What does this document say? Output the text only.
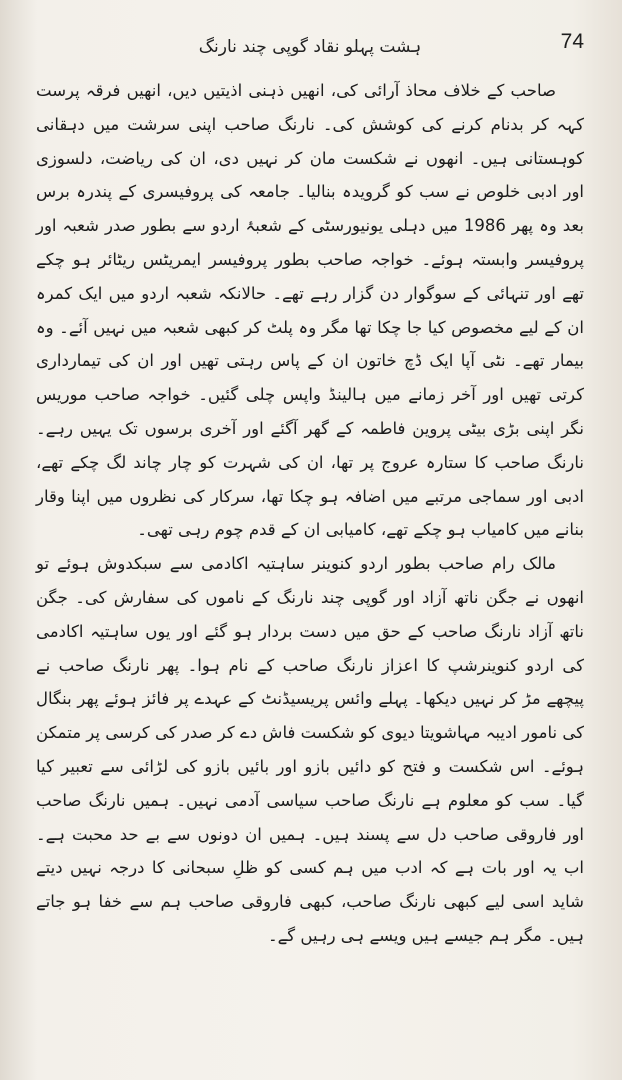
ہشت پہلو نقاد گوپی چند نارنگ	74

صاحب کے خلاف محاذ آرائی کی، انھیں ذہنی اذیتیں دیں، انھیں فرقہ پرست کہہ کر بدنام کرنے کی کوشش کی۔ نارنگ صاحب اپنی سرشت میں دہقانی کوہستانی ہیں۔ انھوں نے شکست مان کر نہیں دی، ان کی ریاضت، دلسوزی اور ادبی خلوص نے سب کو گرویدہ بنالیا۔ جامعہ کی پروفیسری کے پندرہ برس بعد وہ پھر 1986 میں دہلی یونیورسٹی کے شعبۂ اردو سے بطور صدر شعبہ اور پروفیسر وابستہ ہوئے۔ خواجہ صاحب بطور پروفیسر ایمریٹس ریٹائر ہو چکے تھے اور تنہائی کے سوگوار دن گزار رہے تھے۔ حالانکہ شعبہ اردو میں ایک کمرہ ان کے لیے مخصوص کیا جا چکا تھا مگر وہ پلٹ کر کبھی شعبہ میں نہیں آئے۔ وہ بیمار تھے۔ نٹی آپا ایک ڈچ خاتون ان کے پاس رہتی تھیں اور ان کی تیمارداری کرتی تھیں اور آخر زمانے میں ہالینڈ واپس چلی گئیں۔ خواجہ صاحب موریس نگر اپنی بڑی بیٹی پروین فاطمہ کے گھر آگئے اور آخری برسوں تک یہیں رہے۔ نارنگ صاحب کا ستارہ عروج پر تھا، ان کی شہرت کو چار چاند لگ چکے تھے، ادبی اور سماجی مرتبے میں اضافہ ہو چکا تھا، سرکار کی نظروں میں اپنا وقار بنانے میں کامیاب ہو چکے تھے، کامیابی ان کے قدم چوم رہی تھی۔

مالک رام صاحب بطور اردو کنوینر ساہتیہ اکادمی سے سبکدوش ہوئے تو انھوں نے جگن ناتھ آزاد اور گوپی چند نارنگ کے ناموں کی سفارش کی۔ جگن ناتھ آزاد نارنگ صاحب کے حق میں دست بردار ہو گئے اور یوں ساہتیہ اکادمی کی اردو کنوینرشپ کا اعزاز نارنگ صاحب کے نام ہوا۔ پھر نارنگ صاحب نے پیچھے مڑ کر نہیں دیکھا۔ پہلے وائس پریسیڈنٹ کے عہدے پر فائز ہوئے پھر بنگال کی نامور ادیبہ مہاشویتا دیوی کو شکست فاش دے کر صدر کی کرسی پر متمکن ہوئے۔ اس شکست و فتح کو دائیں بازو اور بائیں بازو کی لڑائی سے تعبیر کیا گیا۔ سب کو معلوم ہے نارنگ صاحب سیاسی آدمی نہیں۔ ہمیں نارنگ صاحب اور فاروقی صاحب دل سے پسند ہیں۔ ہمیں ان دونوں سے بے حد محبت ہے۔ اب یہ اور بات ہے کہ ادب میں ہم کسی کو ظلِ سبحانی کا درجہ نہیں دیتے شاید اسی لیے کبھی نارنگ صاحب، کبھی فاروقی صاحب ہم سے خفا ہو جاتے ہیں۔ مگر ہم جیسے ہیں ویسے ہی رہیں گے۔
